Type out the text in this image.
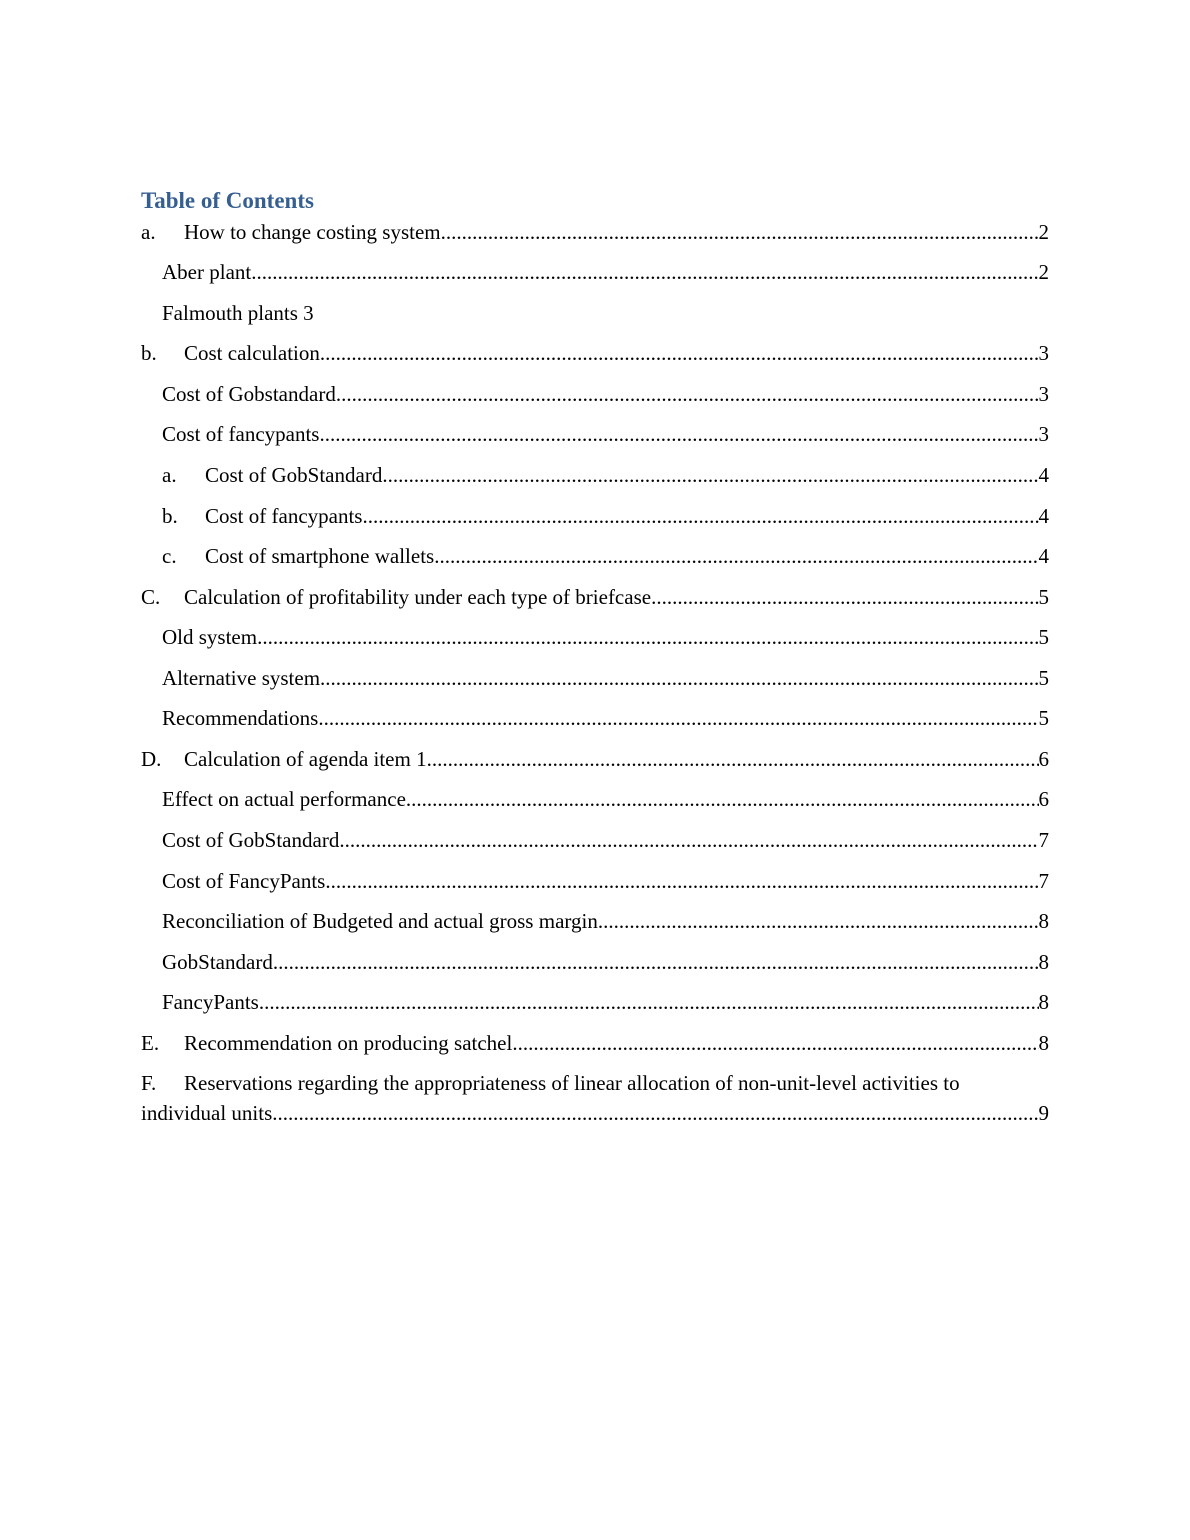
Table of Contents
a.	How to change costing system .....	2
Aber plant .....	2
Falmouth plants 3
b.	Cost calculation .....	3
Cost of Gobstandard .....	3
Cost of fancypants .....	3
a.	Cost of GobStandard .....	4
b.	Cost of fancypants .....	4
c.	Cost of smartphone wallets .....	4
C.	Calculation of profitability under each type of briefcase .....	5
Old system .....	5
Alternative system .....	5
Recommendations .....	5
D.	Calculation of agenda item 1 .....	6
Effect on actual performance .....	6
Cost of GobStandard .....	7
Cost of FancyPants .....	7
Reconciliation of Budgeted and actual gross margin .....	8
GobStandard .....	8
FancyPants .....	8
E.	Recommendation on producing satchel .....	8
F.	Reservations regarding the appropriateness of linear allocation of non-unit-level activities to
individual units .....	9
